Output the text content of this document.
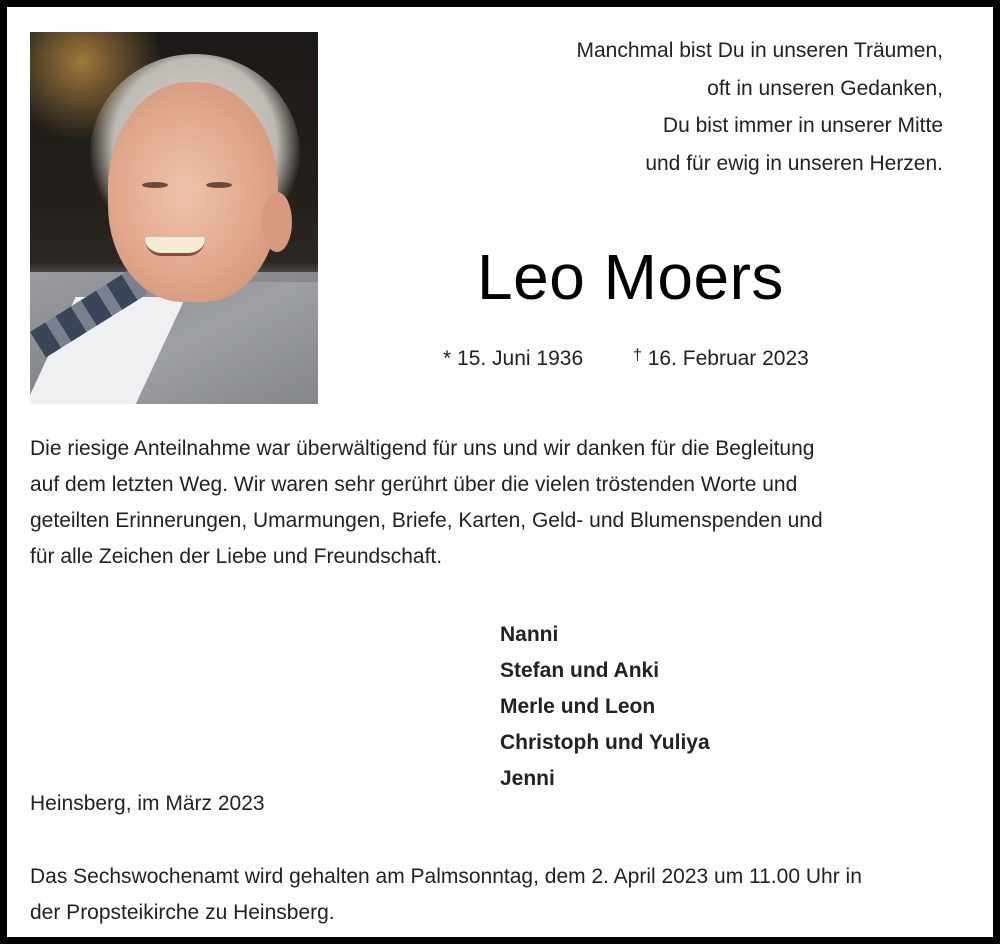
Manchmal bist Du in unseren Träumen,
oft in unseren Gedanken,
Du bist immer in unserer Mitte
und für ewig in unseren Herzen.
Leo Moers
* 15. Juni 1936	† 16. Februar 2023
Die riesige Anteilnahme war überwältigend für uns und wir danken für die Begleitung
auf dem letzten Weg. Wir waren sehr gerührt über die vielen tröstenden Worte und
geteilten Erinnerungen, Umarmungen, Briefe, Karten, Geld- und Blumenspenden und
für alle Zeichen der Liebe und Freundschaft.
Nanni
Stefan und Anki
Merle und Leon
Christoph und Yuliya
Jenni
Heinsberg, im März 2023
Das Sechswochenamt wird gehalten am Palmsonntag, dem 2. April 2023 um 11.00 Uhr in
der Propsteikirche zu Heinsberg.
